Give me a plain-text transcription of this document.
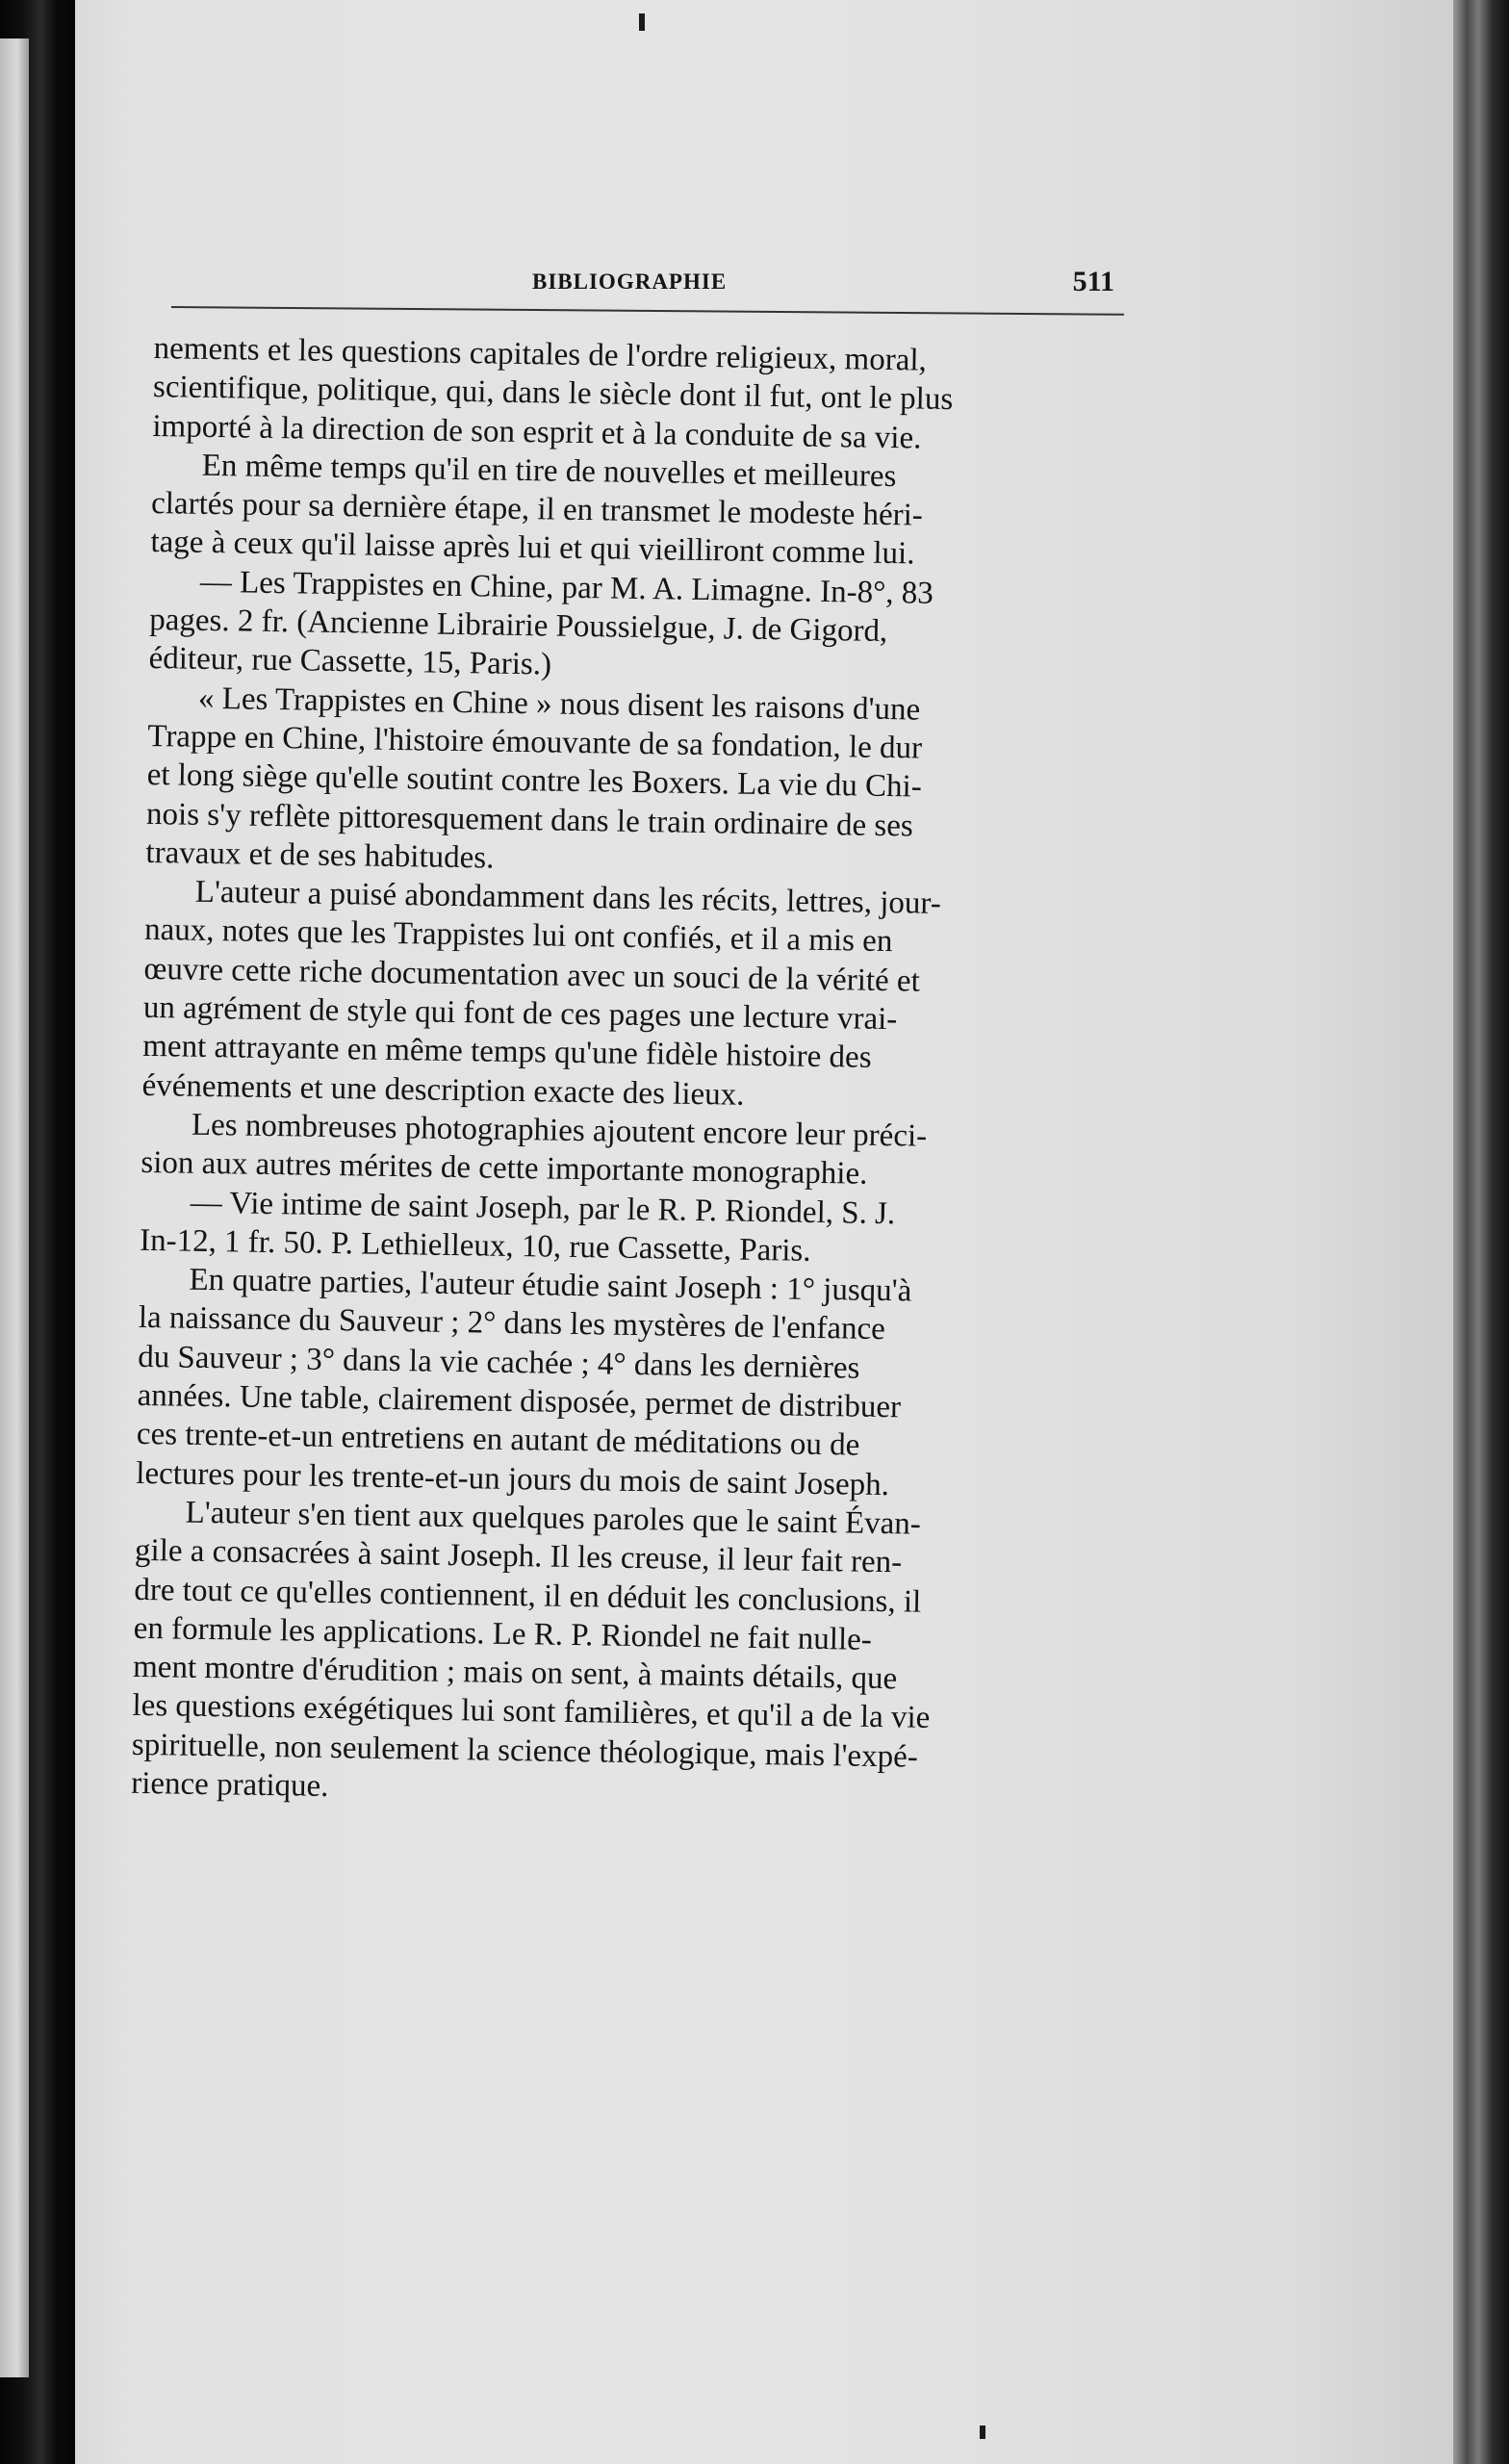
BIBLIOGRAPHIE	511
nements et les questions capitales de l'ordre religieux, moral,
scientifique, politique, qui, dans le siècle dont il fut, ont le plus
importé à la direction de son esprit et à la conduite de sa vie.
En même temps qu'il en tire de nouvelles et meilleures
clartés pour sa dernière étape, il en transmet le modeste héri-
tage à ceux qu'il laisse après lui et qui vieilliront comme lui.
— Les Trappistes en Chine, par M. A. Limagne. In-8°, 83
pages. 2 fr. (Ancienne Librairie Poussielgue, J. de Gigord,
éditeur, rue Cassette, 15, Paris.)
« Les Trappistes en Chine » nous disent les raisons d'une
Trappe en Chine, l'histoire émouvante de sa fondation, le dur
et long siège qu'elle soutint contre les Boxers. La vie du Chi-
nois s'y reflète pittoresquement dans le train ordinaire de ses
travaux et de ses habitudes.
L'auteur a puisé abondamment dans les récits, lettres, jour-
naux, notes que les Trappistes lui ont confiés, et il a mis en
œuvre cette riche documentation avec un souci de la vérité et
un agrément de style qui font de ces pages une lecture vrai-
ment attrayante en même temps qu'une fidèle histoire des
événements et une description exacte des lieux.
Les nombreuses photographies ajoutent encore leur préci-
sion aux autres mérites de cette importante monographie.
— Vie intime de saint Joseph, par le R. P. Riondel, S. J.
In-12, 1 fr. 50. P. Lethielleux, 10, rue Cassette, Paris.
En quatre parties, l'auteur étudie saint Joseph : 1° jusqu'à
la naissance du Sauveur ; 2° dans les mystères de l'enfance
du Sauveur ; 3° dans la vie cachée ; 4° dans les dernières
années. Une table, clairement disposée, permet de distribuer
ces trente-et-un entretiens en autant de méditations ou de
lectures pour les trente-et-un jours du mois de saint Joseph.
L'auteur s'en tient aux quelques paroles que le saint Évan-
gile a consacrées à saint Joseph. Il les creuse, il leur fait ren-
dre tout ce qu'elles contiennent, il en déduit les conclusions, il
en formule les applications. Le R. P. Riondel ne fait nulle-
ment montre d'érudition ; mais on sent, à maints détails, que
les questions exégétiques lui sont familières, et qu'il a de la vie
spirituelle, non seulement la science théologique, mais l'expé-
rience pratique.
